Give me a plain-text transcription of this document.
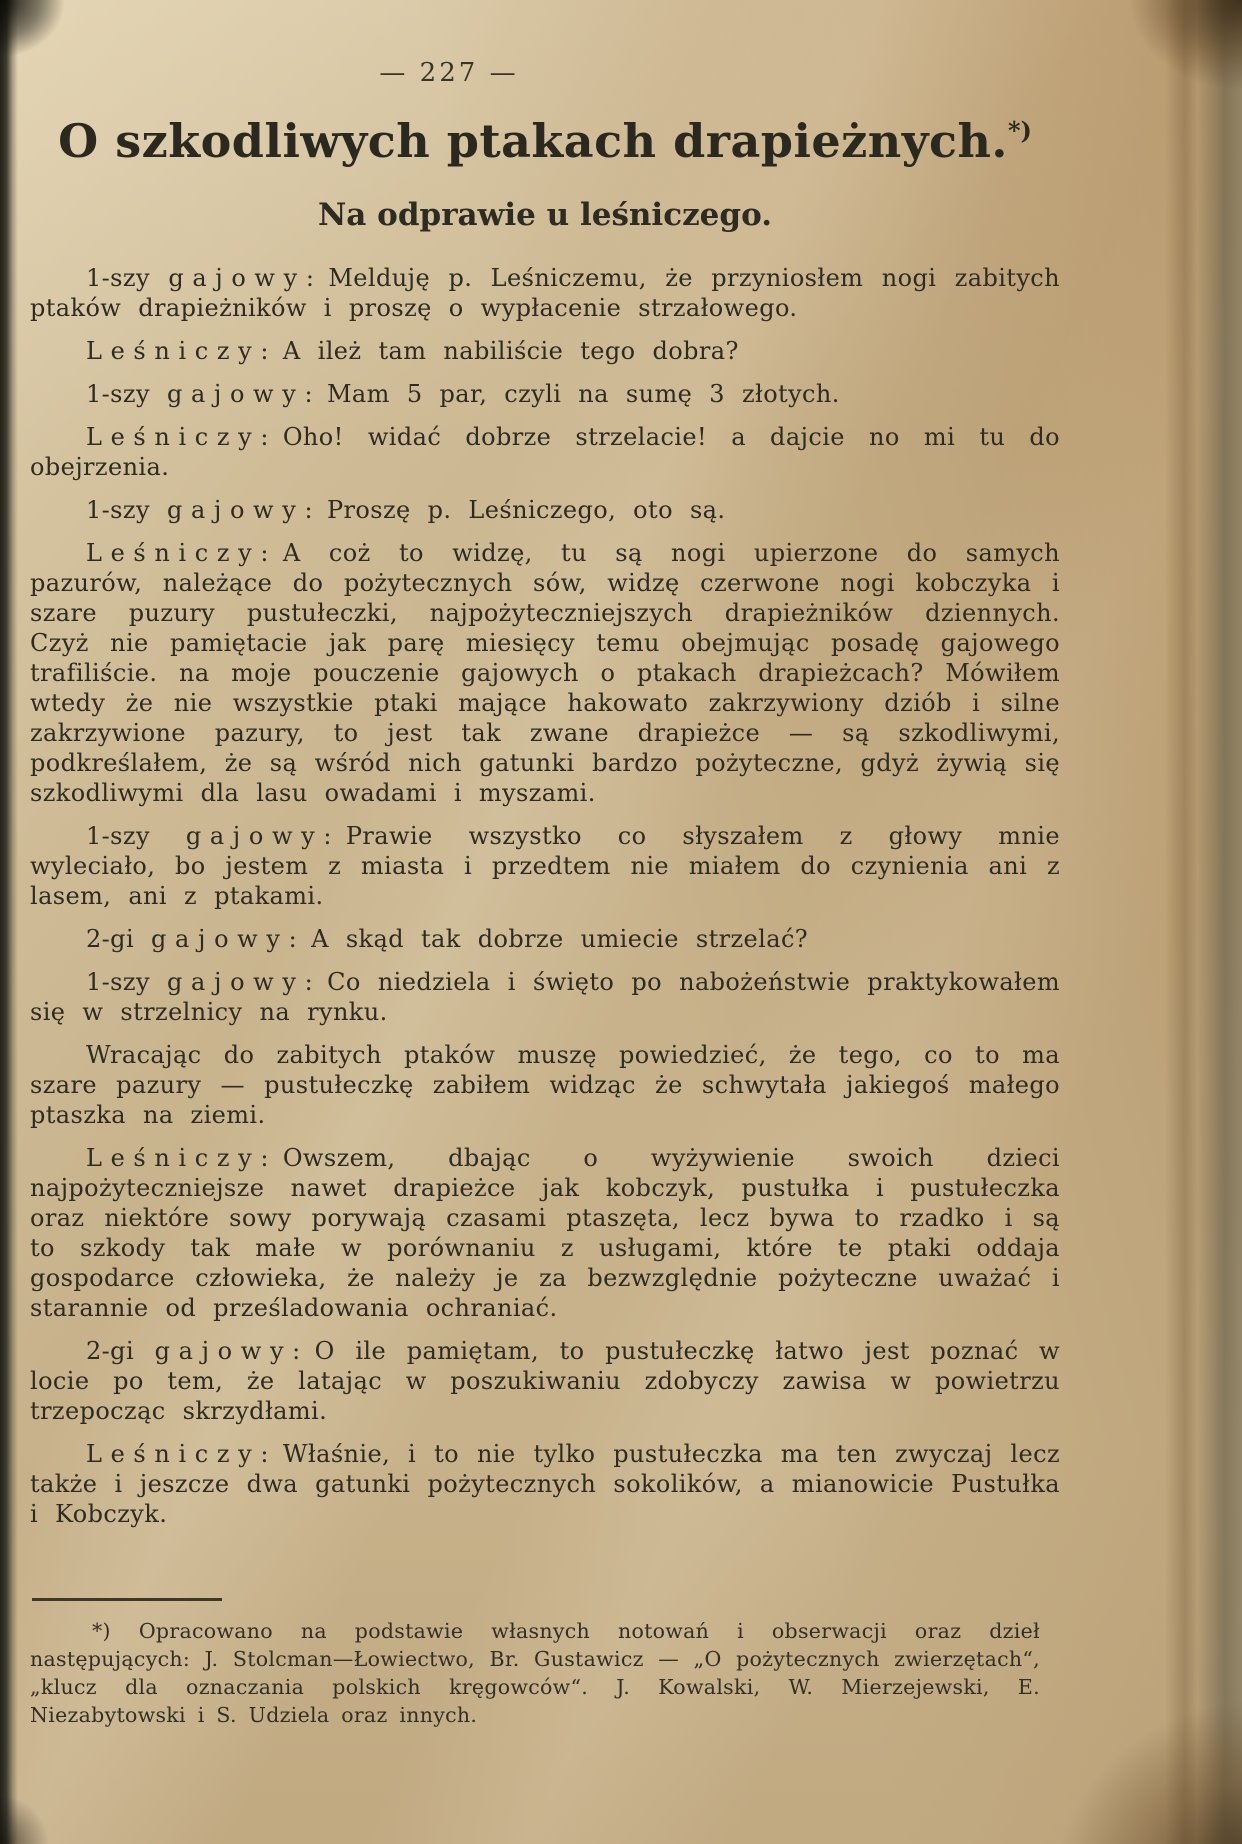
— 227 —
O szkodliwych ptakach drapieżnych.*)
Na odprawie u leśniczego.

1-szy gajowy: Melduję p. Leśniczemu, że przyniosłem nogi zabitych ptaków drapieżników i proszę o wypłacenie strzałowego.

Leśniczy: A ileż tam nabiliście tego dobra?

1-szy gajowy: Mam 5 par, czyli na sumę 3 złotych.

Leśniczy: Oho! widać dobrze strzelacie! a dajcie no mi tu do obejrzenia.

1-szy gajowy: Proszę p. Leśniczego, oto są.

Leśniczy: A coż to widzę, tu są nogi upierzone do samych pazurów, należące do pożytecznych sów, widzę czerwone nogi kobczyka i szare puzury pustułeczki, najpożyteczniejszych drapieżników dziennych. Czyż nie pamiętacie jak parę miesięcy temu obejmując posadę gajowego trafiliście. na moje pouczenie gajowych o ptakach drapieżcach? Mówiłem wtedy że nie wszystkie ptaki mające hakowato zakrzywiony dziób i silne zakrzywione pazury, to jest tak zwane drapieżce — są szkodliwymi, podkreślałem, że są wśród nich gatunki bardzo pożyteczne, gdyż żywią się szkodliwymi dla lasu owadami i myszami.

1-szy gajowy: Prawie wszystko co słyszałem z głowy mnie wyleciało, bo jestem z miasta i przedtem nie miałem do czynienia ani z lasem, ani z ptakami.

2-gi gajowy: A skąd tak dobrze umiecie strzelać?

1-szy gajowy: Co niedziela i święto po nabożeństwie praktykowałem się w strzelnicy na rynku.

Wracając do zabitych ptaków muszę powiedzieć, że tego, co to ma szare pazury — pustułeczkę zabiłem widząc że schwytała jakiegoś małego ptaszka na ziemi.

Leśniczy: Owszem, dbając o wyżywienie swoich dzieci najpożyteczniejsze nawet drapieżce jak kobczyk, pustułka i pustułeczka oraz niektóre sowy porywają czasami ptaszęta, lecz bywa to rzadko i są to szkody tak małe w porównaniu z usługami, które te ptaki oddaja gospodarce człowieka, że należy je za bezwzględnie pożyteczne uważać i starannie od prześladowania ochraniać.

2-gi gajowy: O ile pamiętam, to pustułeczkę łatwo jest poznać w locie po tem, że latając w poszukiwaniu zdobyczy zawisa w powietrzu trzepocząc skrzydłami.

Leśniczy: Właśnie, i to nie tylko pustułeczka ma ten zwyczaj lecz także i jeszcze dwa gatunki pożytecznych sokolików, a mianowicie Pustułka i Kobczyk.

*) Opracowano na podstawie własnych notowań i obserwacji oraz dzieł następujących: J. Stolcman—Łowiectwo, Br. Gustawicz — „O pożytecznych zwierzętach“, „klucz dla oznaczania polskich kręgowców“. J. Kowalski, W. Mierzejewski, E. Niezabytowski i S. Udziela oraz innych.
